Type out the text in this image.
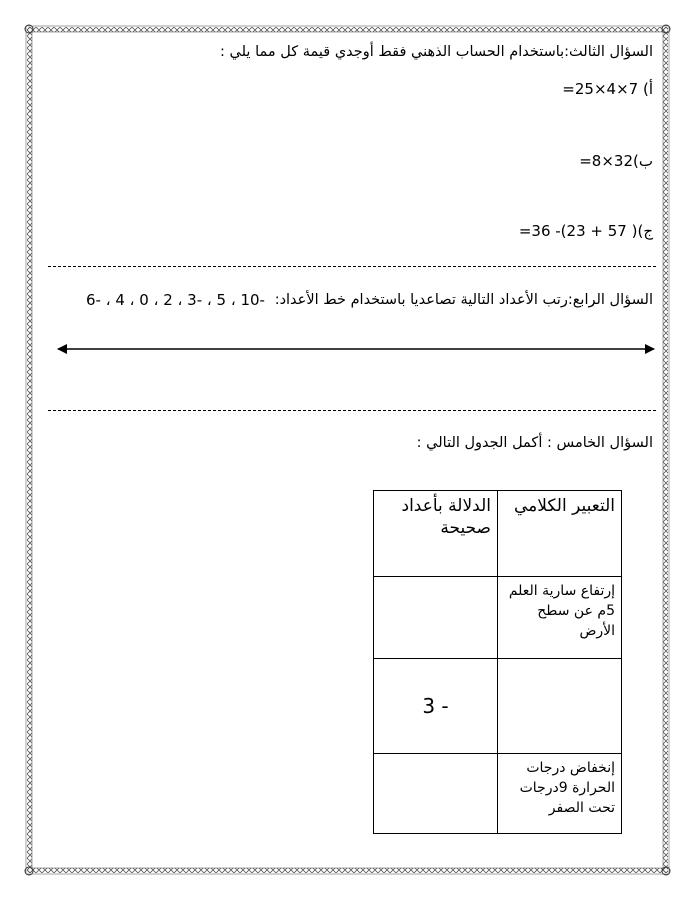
السؤال الثالث:باستخدام الحساب الذهني فقط أوجدي قيمة كل مما يلي :
أ) 7×4×25=
ب)32×8=
ج)( 57 + 23)- 36=
السؤال الرابع:رتب الأعداد التالية تصاعديا باستخدام خط الأعداد:
-10 ، 5 ، -3 ، 2 ، 0 ، 4 ، -6
السؤال الخامس : أكمل الجدول التالي :
التعبير الكلامي	الدلالة بأعداد صحيحة
إرتفاع سارية العلم 5م عن سطح الأرض	
	- 3
إنخفاض درجات الحرارة 9درجات تحت الصفر	
